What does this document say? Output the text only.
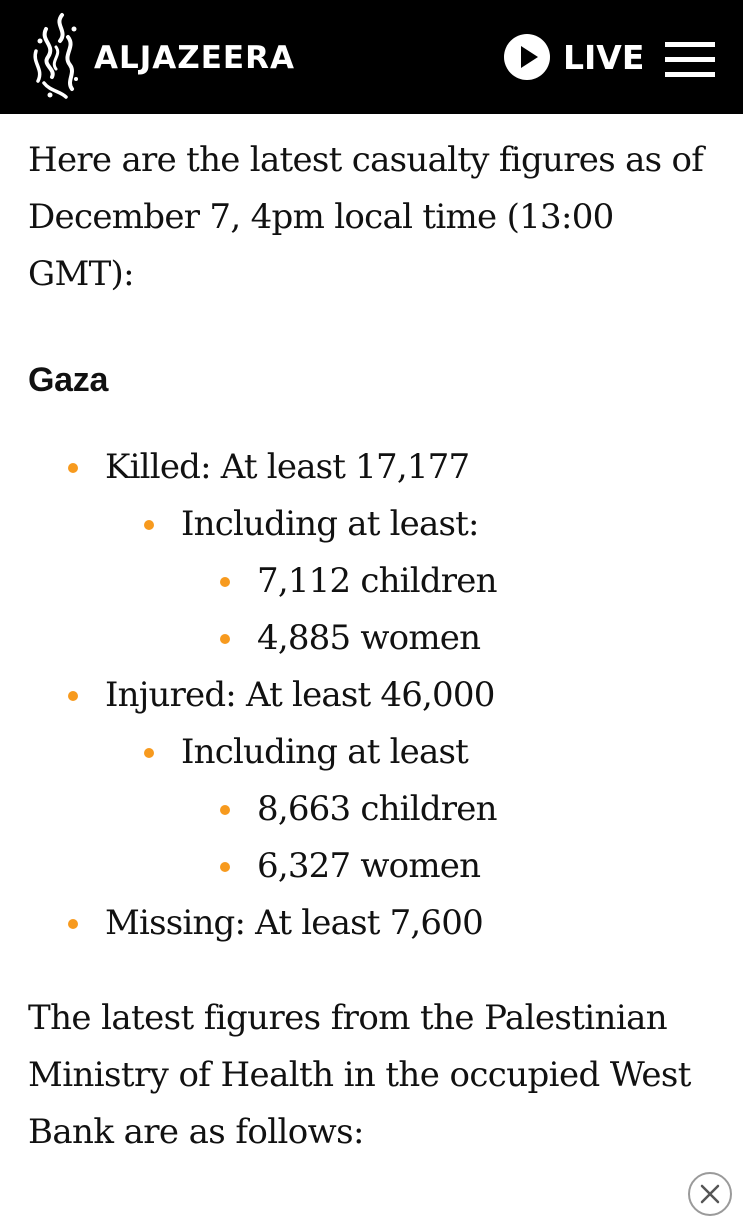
ALJAZEERA	LIVE

Here are the latest casualty figures as of December 7, 4pm local time (13:00 GMT):

Gaza
Killed: At least 17,177
Including at least:
7,112 children
4,885 women
Injured: At least 46,000
Including at least
8,663 children
6,327 women
Missing: At least 7,600

The latest figures from the Palestinian Ministry of Health in the occupied West Bank are as follows:
